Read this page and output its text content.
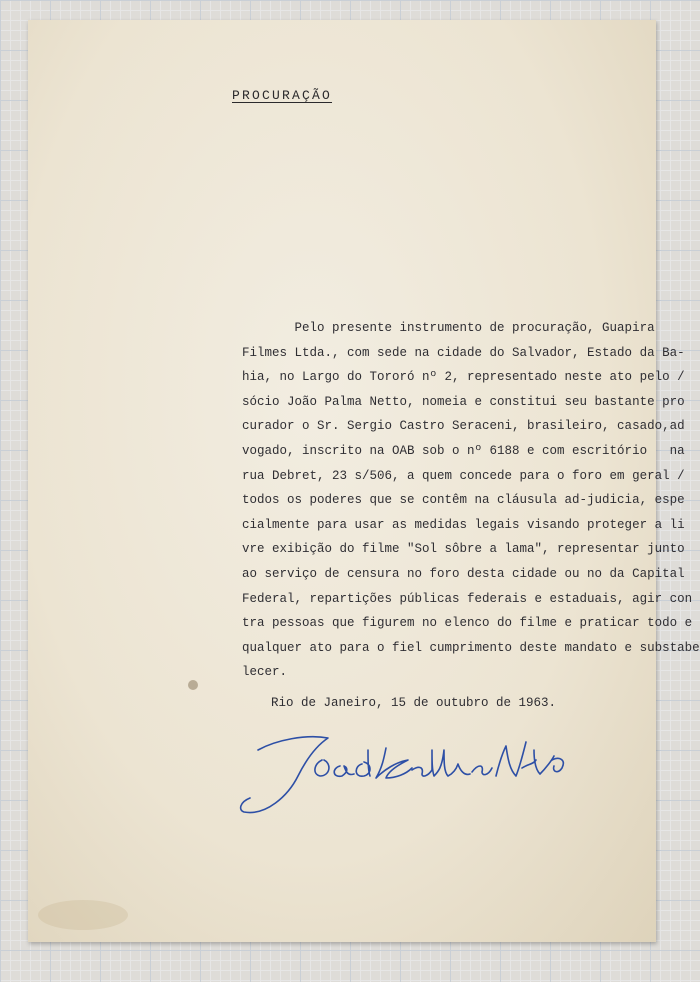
PROCURAÇÃO
Pelo presente instrumento de procuração, Guapira
Filmes Ltda., com sede na cidade do Salvador, Estado da Ba-
hia, no Largo do Tororó nº 2, representado neste ato pelo /
sócio João Palma Netto, nomeia e constitui seu bastante pro
curador o Sr. Sergio Castro Seraceni, brasileiro, casado,ad
vogado, inscrito na OAB sob o nº 6188 e com escritório   na
rua Debret, 23 s/506, a quem concede para o foro em geral /
todos os poderes que se contêm na cláusula ad-judicia, espe
cialmente para usar as medidas legais visando proteger a li
vre exibição do filme "Sol sôbre a lama", representar junto
ao serviço de censura no foro desta cidade ou no da Capital
Federal, repartições públicas federais e estaduais, agir con
tra pessoas que figurem no elenco do filme e praticar todo e
qualquer ato para o fiel cumprimento deste mandato e substabe
lecer.
Rio de Janeiro, 15 de outubro de 1963.
